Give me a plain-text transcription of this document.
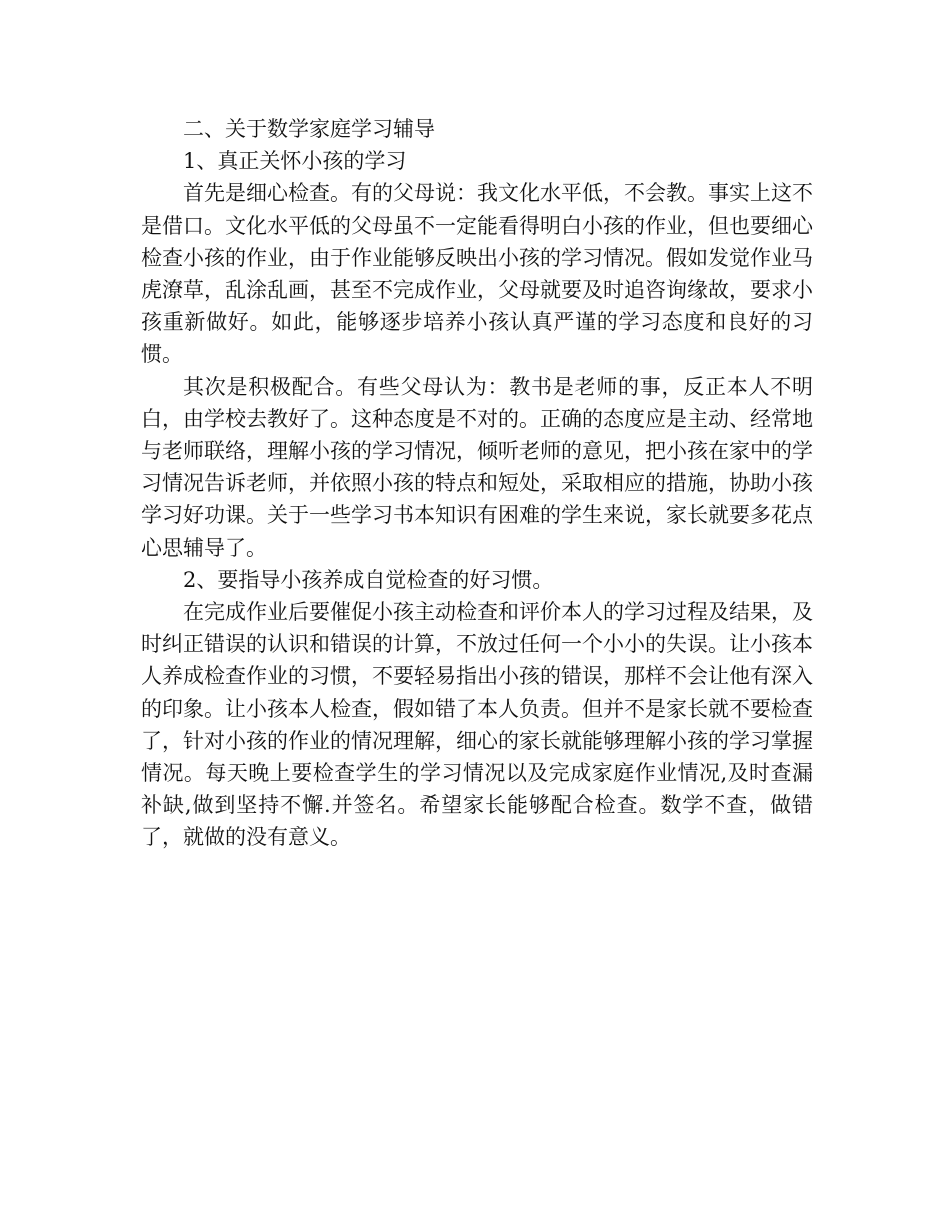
二、关于数学家庭学习辅导

1、真正关怀小孩的学习

首先是细心检查。有的父母说：我文化水平低，不会教。事实上这不是借口。文化水平低的父母虽不一定能看得明白小孩的作业，但也要细心检查小孩的作业，由于作业能够反映出小孩的学习情况。假如发觉作业马虎潦草，乱涂乱画，甚至不完成作业，父母就要及时追咨询缘故，要求小孩重新做好。如此，能够逐步培养小孩认真严谨的学习态度和良好的习惯。

其次是积极配合。有些父母认为：教书是老师的事，反正本人不明白，由学校去教好了。这种态度是不对的。正确的态度应是主动、经常地与老师联络，理解小孩的学习情况，倾听老师的意见，把小孩在家中的学习情况告诉老师，并依照小孩的特点和短处，采取相应的措施，协助小孩学习好功课。关于一些学习书本知识有困难的学生来说，家长就要多花点心思辅导了。

2、要指导小孩养成自觉检查的好习惯。

在完成作业后要催促小孩主动检查和评价本人的学习过程及结果，及时纠正错误的认识和错误的计算，不放过任何一个小小的失误。让小孩本人养成检查作业的习惯，不要轻易指出小孩的错误，那样不会让他有深入的印象。让小孩本人检查，假如错了本人负责。但并不是家长就不要检查了，针对小孩的作业的情况理解，细心的家长就能够理解小孩的学习掌握情况。每天晚上要检查学生的学习情况以及完成家庭作业情况,及时查漏补缺,做到坚持不懈.并签名。希望家长能够配合检查。数学不查，做错了，就做的没有意义。
